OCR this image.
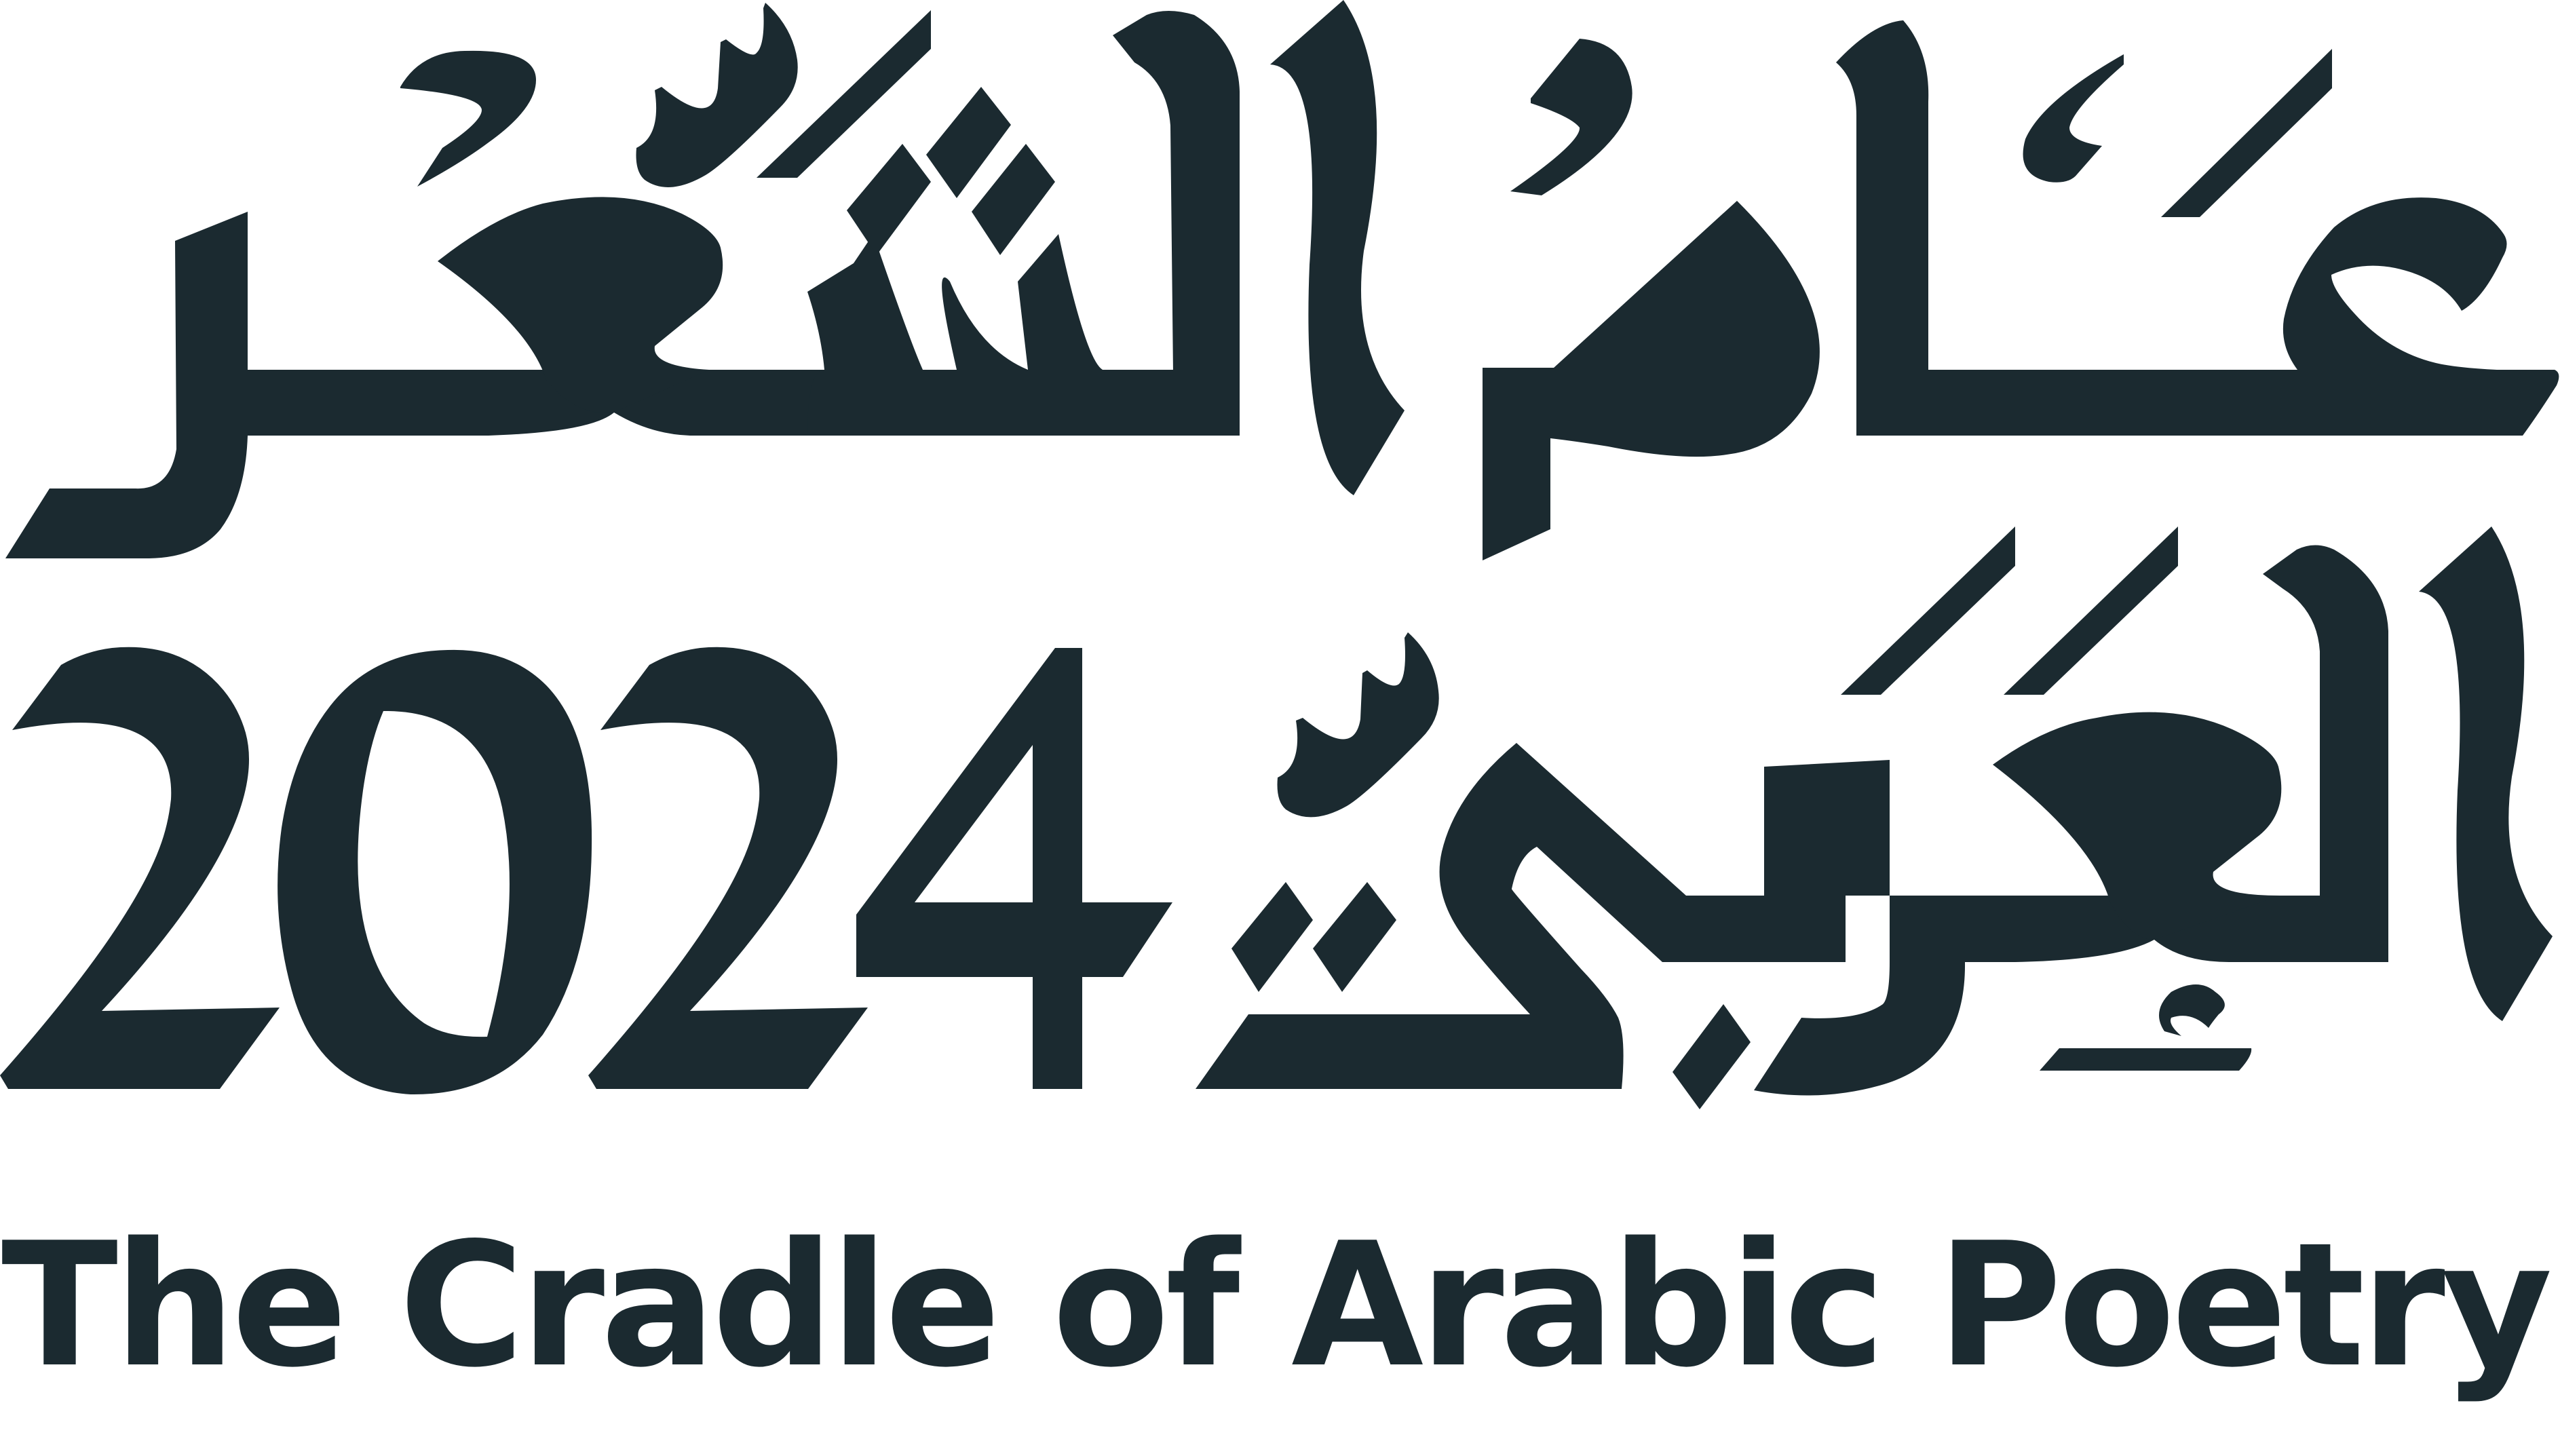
The Cradle of Arabic Poetry
